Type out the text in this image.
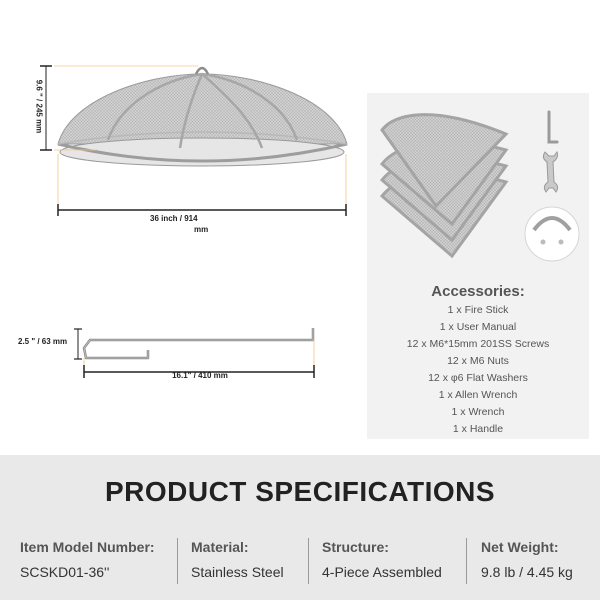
9.6 " / 245 mm
36 inch / 914
mm
2.5 " / 63 mm
16.1" / 410 mm
Accessories:
1 x Fire Stick
1 x User Manual
12 x M6*15mm 201SS Screws
12 x M6 Nuts
12 x φ6 Flat Washers
1 x Allen Wrench
1 x Wrench
1 x Handle
PRODUCT SPECIFICATIONS
Item Model Number:
SCSKD01-36''
Material:
Stainless Steel
Structure:
4-Piece Assembled
Net Weight:
9.8 lb / 4.45 kg
